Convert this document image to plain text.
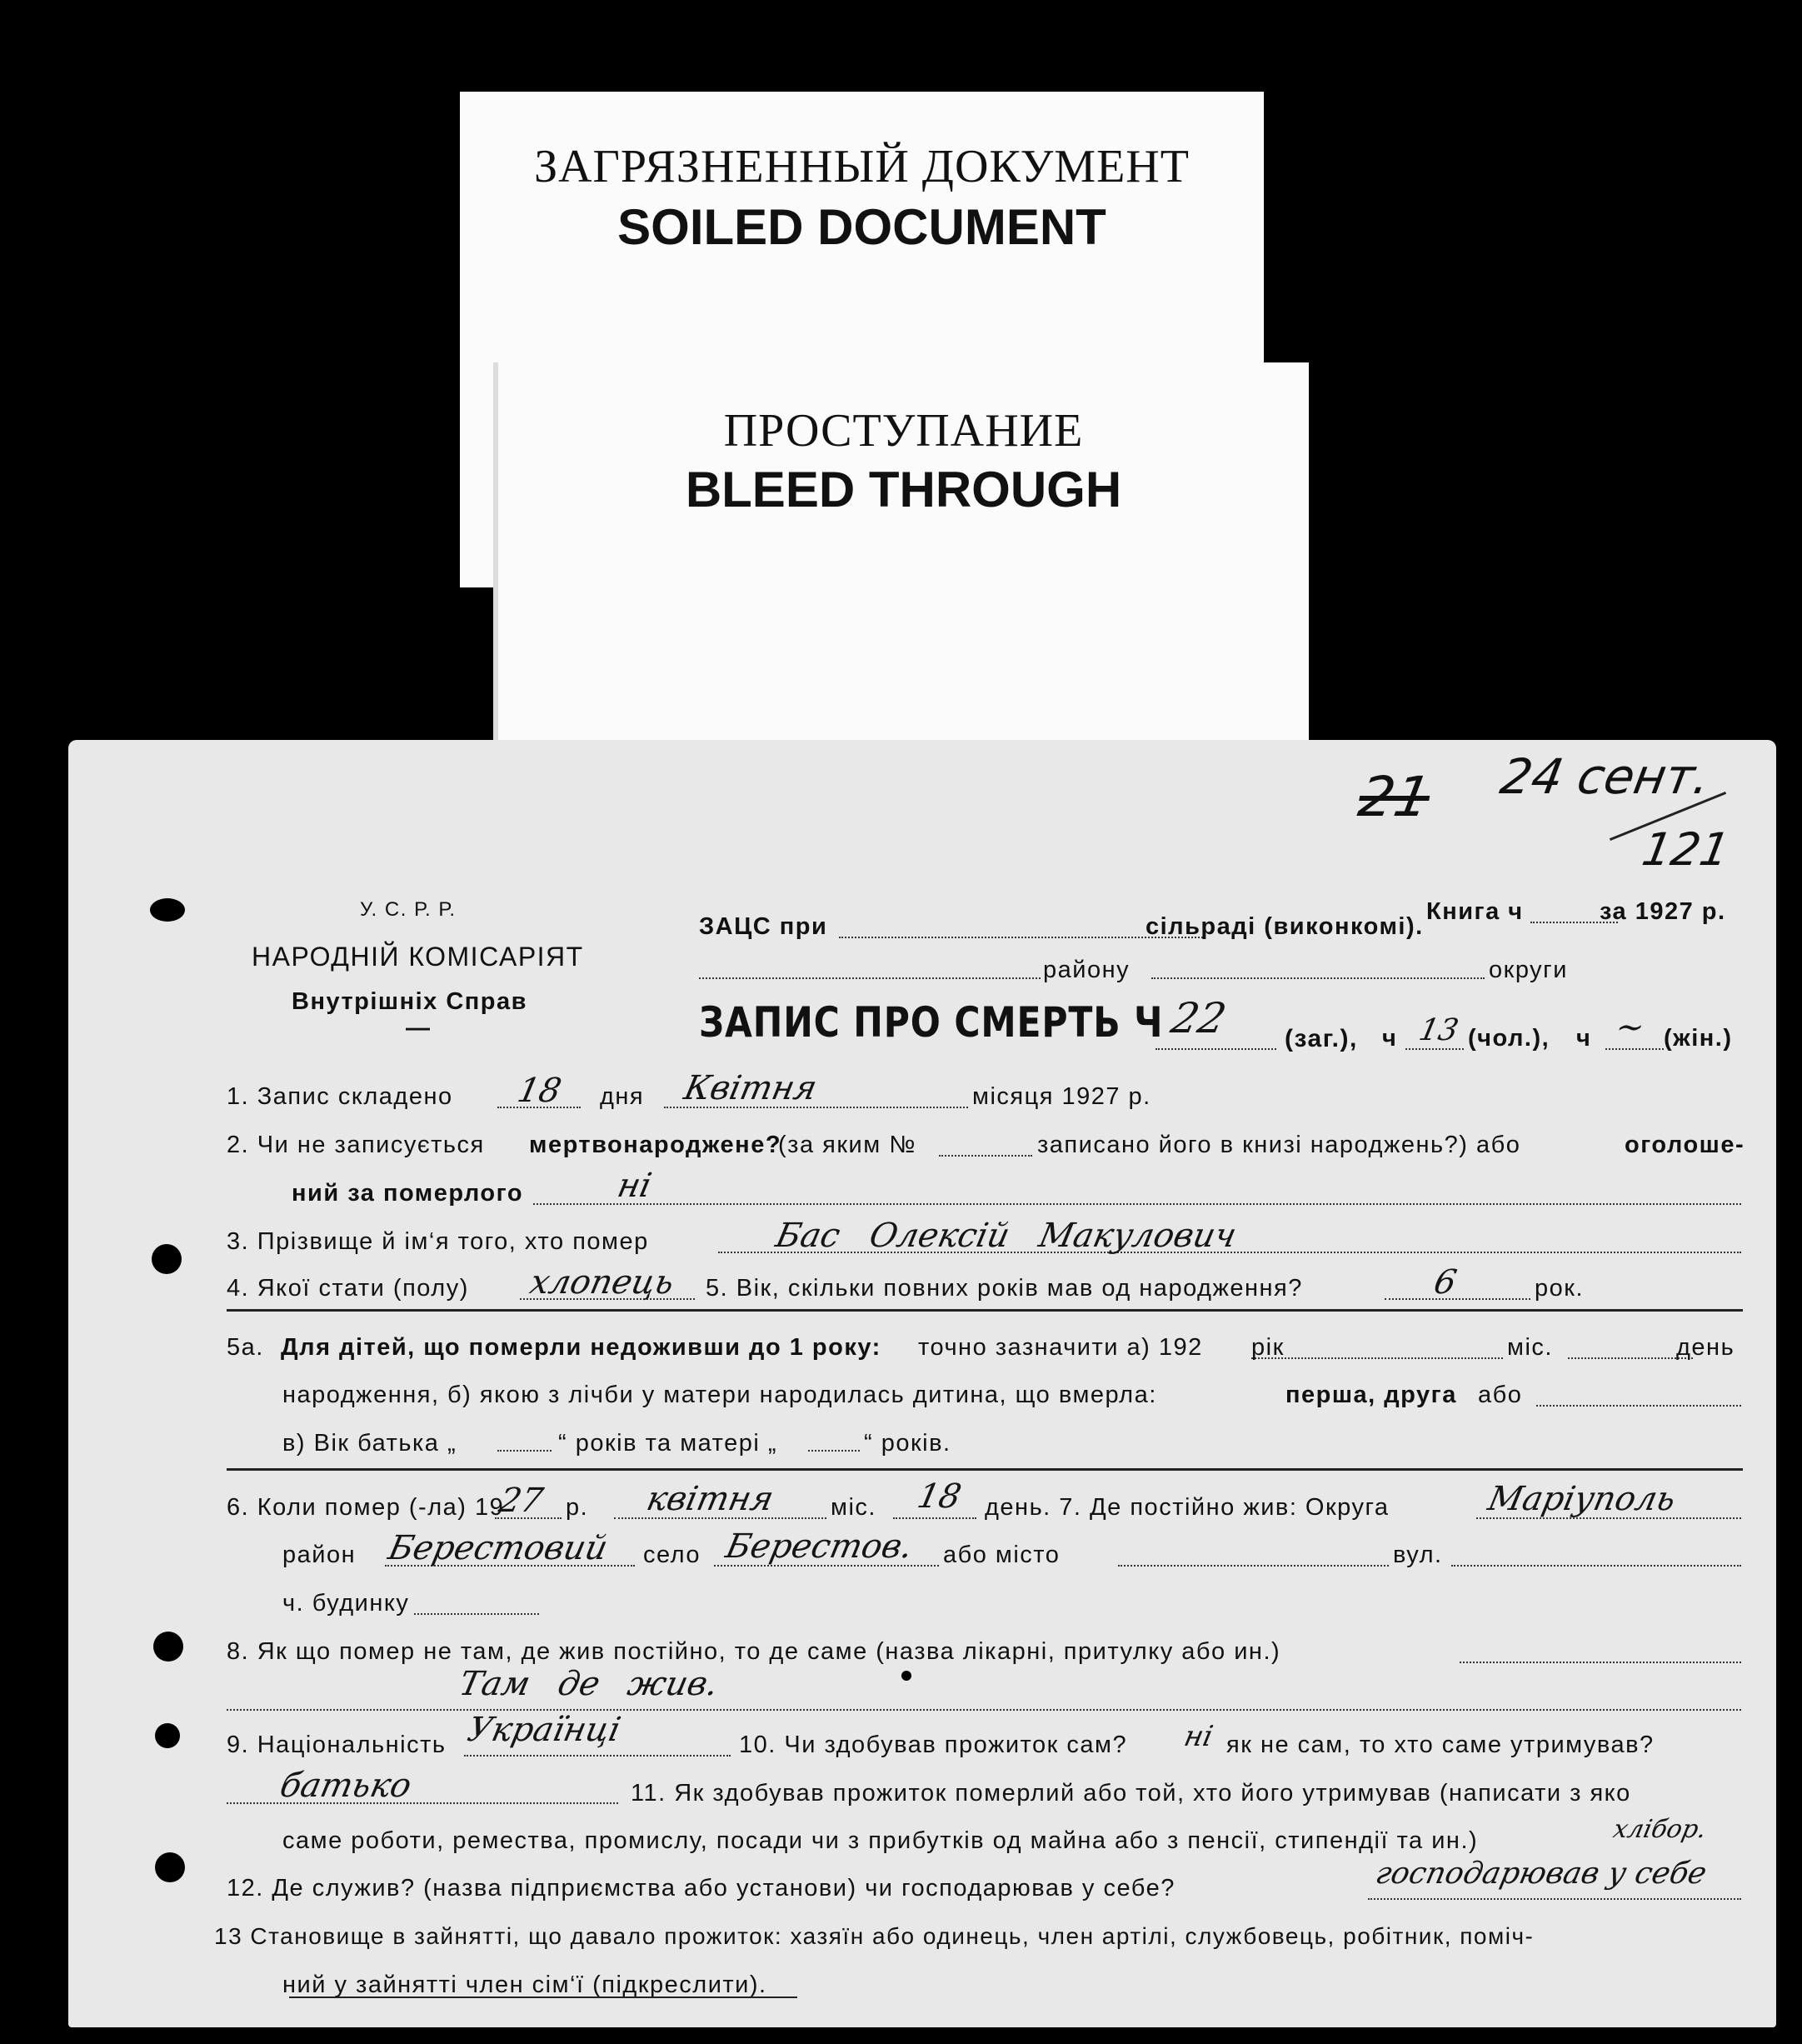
ЗАГРЯЗНЕННЫЙ ДОКУМЕНТ
SOILED DOCUMENT
ПРОСТУПАНИЕ
BLEED THROUGH
21 24 сент.
121
У. С. Р. Р.
НАРОДНІЙ КОМІСАРІЯТ
Внутрішніх Справ
—
ЗАЦС при	сільраді (виконкомі).
Книга ч	за 1927 р.
району	округи
ЗАПИС ПРО СМЕРТЬ Ч 22 (заг.), ч 13 (чол.), ч ~ (жін.)
1. Запис складено 18 дня Квітня	місяця 1927 р.
2. Чи не записується мертвонароджене?
(за яким №	записано його в книзі народжень?) або	оголоше-
ний за померлого	ні
3. Прізвище й ім‘я того, хто помер	Бас Олексій Макулович
4. Якої стати (полу) хлопець 5. Вік, скільки повних років мав од народження?	6	рок.
5а. Для дітей, що померли недоживши до 1 року: точно зазначити а) 192 рік	міс.	день
народження, б) якою з лічби у матери народилась дитина, що вмерла:	перша, друга або
в) Вік батька „	“ років та матері „	“ років.
6. Коли помер (-ла) 19
27 р. квітня міс. 18 день. 7. Де постійно жив: Округа	Маріуполь
район Берестовий село Берестов. або місто	вул.
ч. будинку
8. Як що помер не там, де жив постійно, то де саме (назва лікарні, притулку або ин.)
Там де жив.
9. Національність Українці	10. Чи здобував прожиток сам? ні як не сам, то хто саме утримував?
батько	11. Як здобував прожиток померлий або той, хто його утримував (написати з яко
саме роботи, ремества, промислу, посади чи з прибутків од майна або з пенсії, стипендії та ин.)	хлібор.
12. Де служив? (назва підприємства або установи) чи господарював у себе?	господарював у себе
13 Становище в зайнятті, що давало прожиток: хазяїн або одинець, член артілі, службовець, робітник, поміч-
ний у зайнятті член сім‘ї (підкреслити).
